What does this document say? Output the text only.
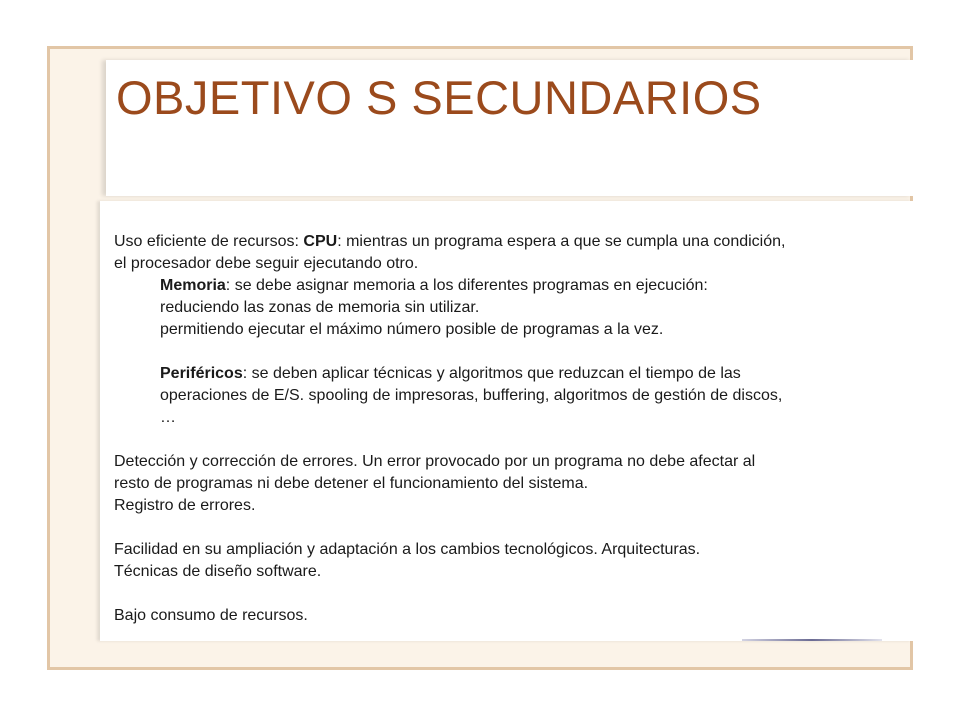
OBJETIVO S SECUNDARIOS

Uso eficiente de recursos: CPU: mientras un programa espera a que se cumpla una condición,

el procesador debe seguir ejecutando otro.

Memoria: se debe asignar memoria a los diferentes programas en ejecución:

reduciendo las zonas de memoria sin utilizar.

permitiendo ejecutar el máximo número posible de programas a la vez.

Periféricos: se deben aplicar técnicas y algoritmos que reduzcan el tiempo de las

operaciones de E/S. spooling de impresoras, buffering, algoritmos de gestión de discos,

…

Detección y corrección de errores. Un error provocado por un programa no debe afectar al

resto de programas ni debe detener el funcionamiento del sistema.

Registro de errores.

Facilidad en su ampliación y adaptación a los cambios tecnológicos. Arquitecturas.

Técnicas de diseño software.

Bajo consumo de recursos.
